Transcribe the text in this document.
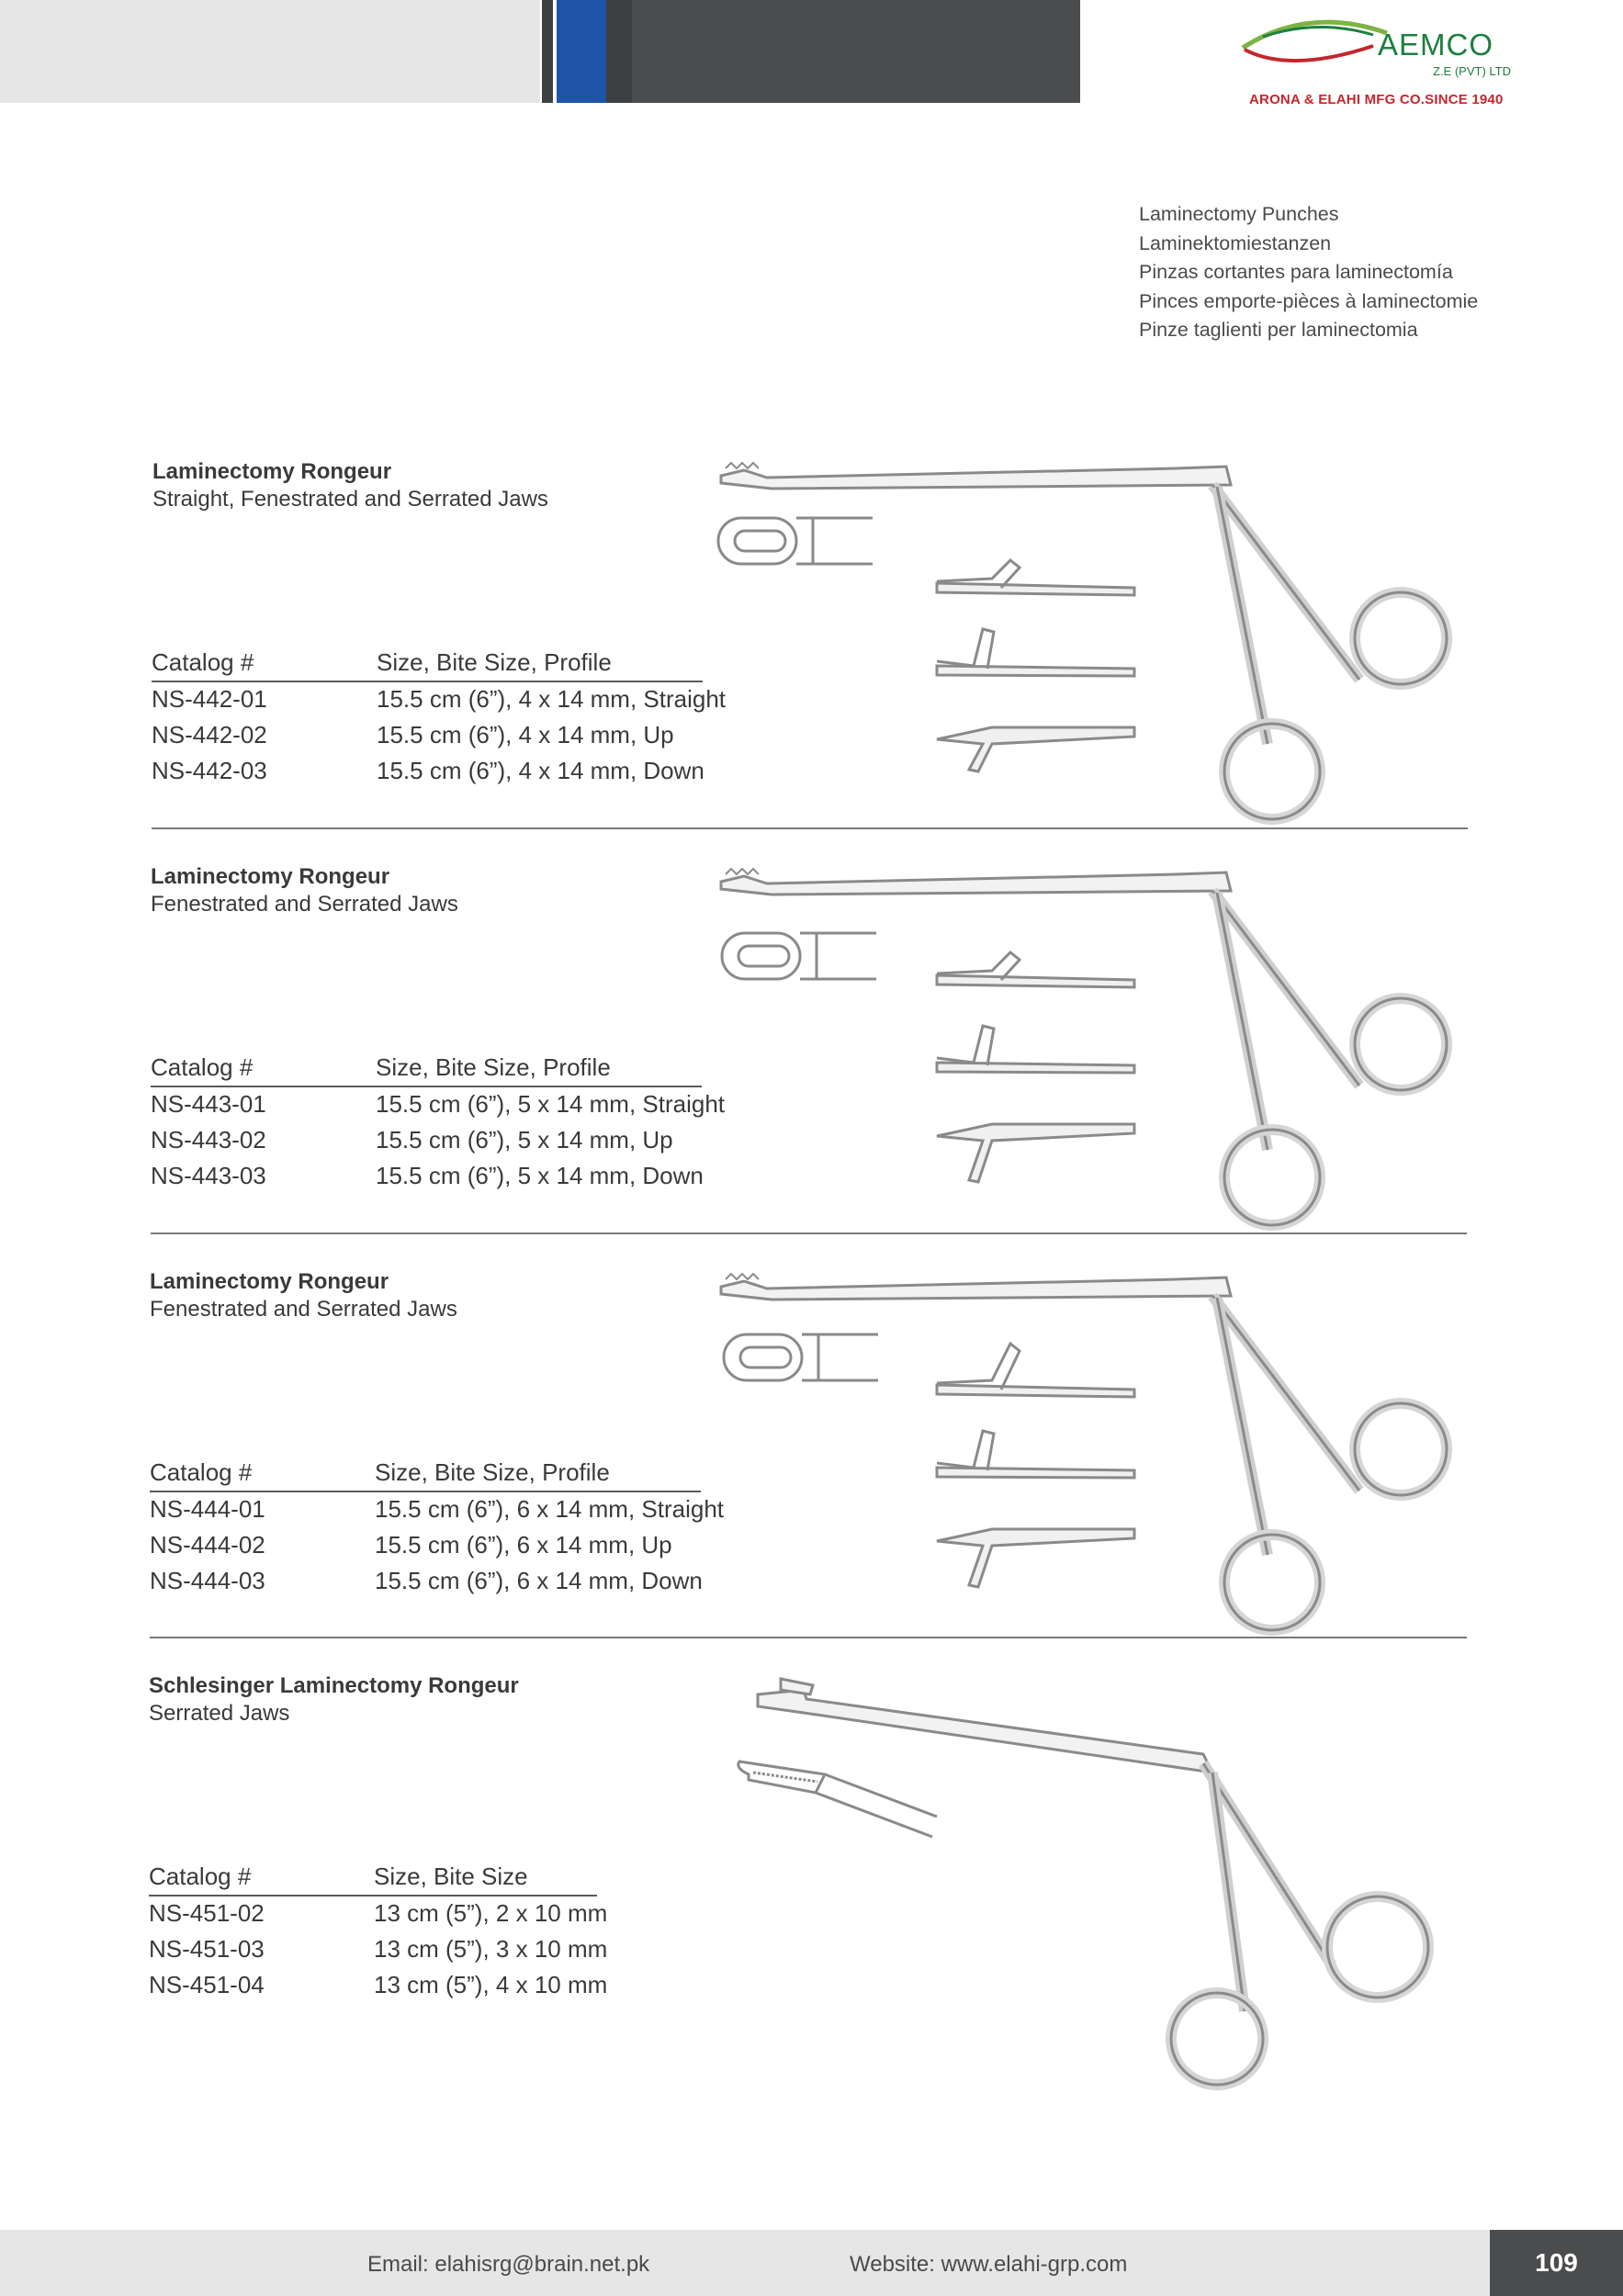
AEMCO
Z.E (PVT) LTD
ARONA & ELAHI MFG CO.SINCE 1940
Laminectomy Punches
Laminektomiestanzen
Pinzas cortantes para laminectomía
Pinces emporte-pièces à laminectomie
Pinze taglienti per laminectomia
Laminectomy Rongeur
Straight, Fenestrated and Serrated Jaws
Catalog #	Size, Bite Size, Profile
NS-442-01	15.5 cm (6”), 4 x 14 mm, Straight
NS-442-02	15.5 cm (6”), 4 x 14 mm, Up
NS-442-03	15.5 cm (6”), 4 x 14 mm, Down
Laminectomy Rongeur
Fenestrated and Serrated Jaws
Catalog #	Size, Bite Size, Profile
NS-443-01	15.5 cm (6”), 5 x 14 mm, Straight
NS-443-02	15.5 cm (6”), 5 x 14 mm, Up
NS-443-03	15.5 cm (6”), 5 x 14 mm, Down
Laminectomy Rongeur
Fenestrated and Serrated Jaws
Catalog #	Size, Bite Size, Profile
NS-444-01	15.5 cm (6”), 6 x 14 mm, Straight
NS-444-02	15.5 cm (6”), 6 x 14 mm, Up
NS-444-03	15.5 cm (6”), 6 x 14 mm, Down
Schlesinger Laminectomy Rongeur
Serrated Jaws
Catalog #	Size, Bite Size
NS-451-02	13 cm (5”), 2 x 10 mm
NS-451-03	13 cm (5”), 3 x 10 mm
NS-451-04	13 cm (5”), 4 x 10 mm
Email: elahisrg@brain.net.pk	Website: www.elahi-grp.com	109
